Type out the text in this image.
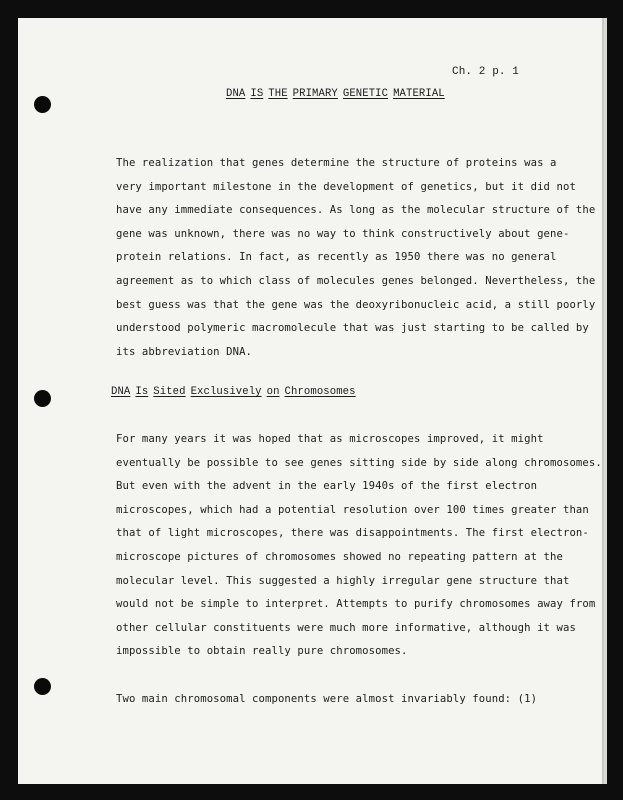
Ch. 2 p. 1
DNA IS THE PRIMARY GENETIC MATERIAL
The realization that genes determine the structure of proteins was a
very important milestone in the development of genetics, but it did not
have any immediate consequences. As long as the molecular structure of the
gene was unknown, there was no way to think constructively about gene-
protein relations. In fact, as recently as 1950 there was no general
agreement as to which class of molecules genes belonged. Nevertheless, the
best guess was that the gene was the deoxyribonucleic acid, a still poorly
understood polymeric macromolecule that was just starting to be called by
its abbreviation DNA.
DNA Is Sited Exclusively on Chromosomes
For many years it was hoped that as microscopes improved, it might
eventually be possible to see genes sitting side by side along chromosomes.
But even with the advent in the early 1940s of the first electron
microscopes, which had a potential resolution over 100 times greater than
that of light microscopes, there was disappointments. The first electron-
microscope pictures of chromosomes showed no repeating pattern at the
molecular level. This suggested a highly irregular gene structure that
would not be simple to interpret. Attempts to purify chromosomes away from
other cellular constituents were much more informative, although it was
impossible to obtain really pure chromosomes.
Two main chromosomal components were almost invariably found: (1)
